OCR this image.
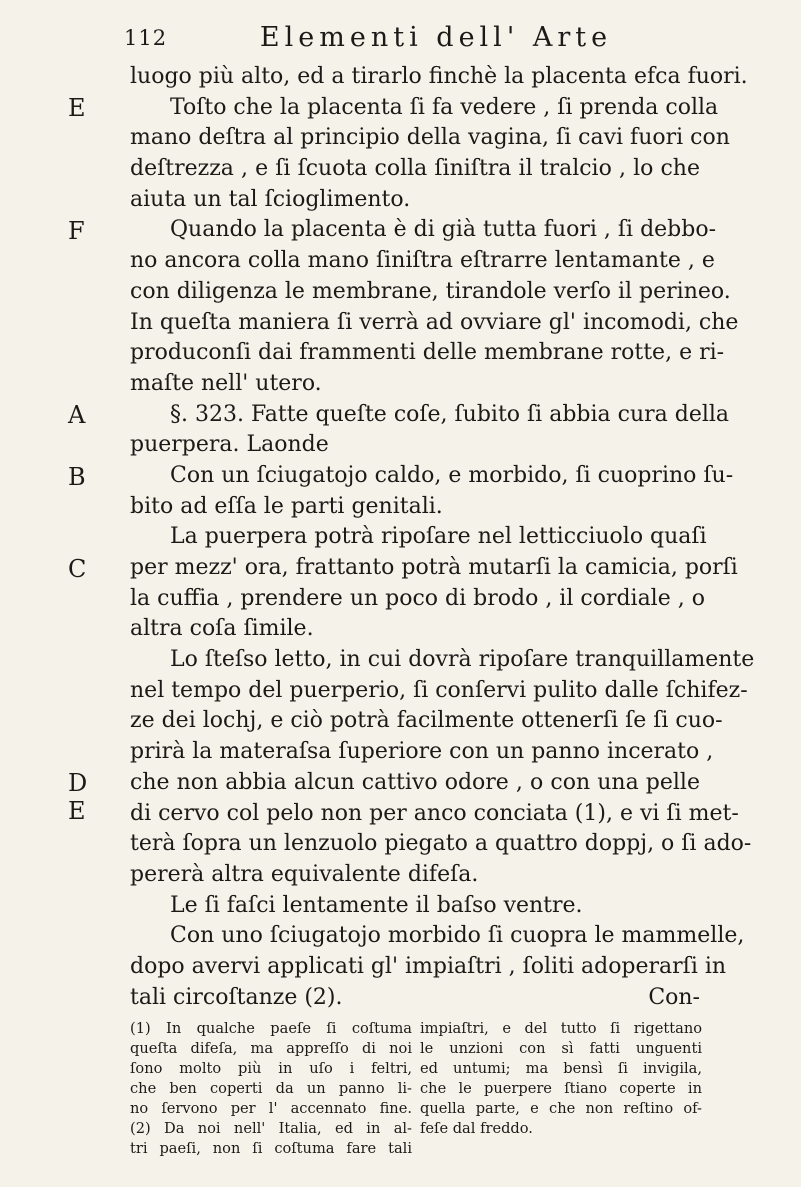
112	Elementi dell' Arte
E
F
A
B
C
D
E
luogo più alto, ed a tirarlo finchè la placenta efca fuori.
Toſto che la placenta ſi fa vedere , ſi prenda colla
mano deſtra al principio della vagina, ſi cavi fuori con
deſtrezza , e ſi ſcuota colla ſiniſtra il tralcio , lo che
aiuta un tal ſcioglimento.
Quando la placenta è di già tutta fuori , ſi debbo-
no ancora colla mano ſiniſtra eſtrarre lentamante , e
con diligenza le membrane, tirandole verſo il perineo.
In queſta maniera ſi verrà ad ovviare gl' incomodi, che
produconſi dai frammenti delle membrane rotte, e ri-
maſte nell' utero.
§. 323. Fatte queſte coſe, ſubito ſi abbia cura della
puerpera. Laonde
Con un ſciugatojo caldo, e morbido, ſi cuoprino ſu-
bito ad eſſa le parti genitali.
La puerpera potrà ripoſare nel letticciuolo quaſi
per mezz' ora, frattanto potrà mutarſi la camicia, porſi
la cuffia , prendere un poco di brodo , il cordiale , o
altra coſa ſimile.
Lo ſteſso letto, in cui dovrà ripoſare tranquillamente
nel tempo del puerperio, ſi conſervi pulito dalle ſchifez-
ze dei lochj, e ciò potrà facilmente ottenerſi ſe ſi cuo-
prirà la materaſsa ſuperiore con un panno incerato ,
che non abbia alcun cattivo odore , o con una pelle
di cervo col pelo non per anco conciata (1), e vi ſi met-
terà ſopra un lenzuolo piegato a quattro doppj, o ſi ado-
pererà altra equivalente difeſa.
Le ſi faſci lentamente il baſso ventre.
Con uno ſciugatojo morbido ſi cuopra le mammelle,
dopo avervi applicati gl' impiaſtri , ſoliti adoperarſi in
tali circoſtanze (2).	Con-
(1) In qualche paeſe ſi coſtuma
queſta difeſa, ma appreſſo di noi
ſono molto più in uſo i feltri,
che ben coperti da un panno li-
no ſervono per l' accennato fine.
(2) Da noi nell' Italia, ed in al-
tri paeſi, non ſi coſtuma fare tali
impiaſtri, e del tutto ſi rigettano
le unzioni con sì fatti unguenti
ed untumi; ma bensì ſi invigila,
che le puerpere ſtiano coperte in
quella parte, e che non reſtino of-
feſe dal freddo.
